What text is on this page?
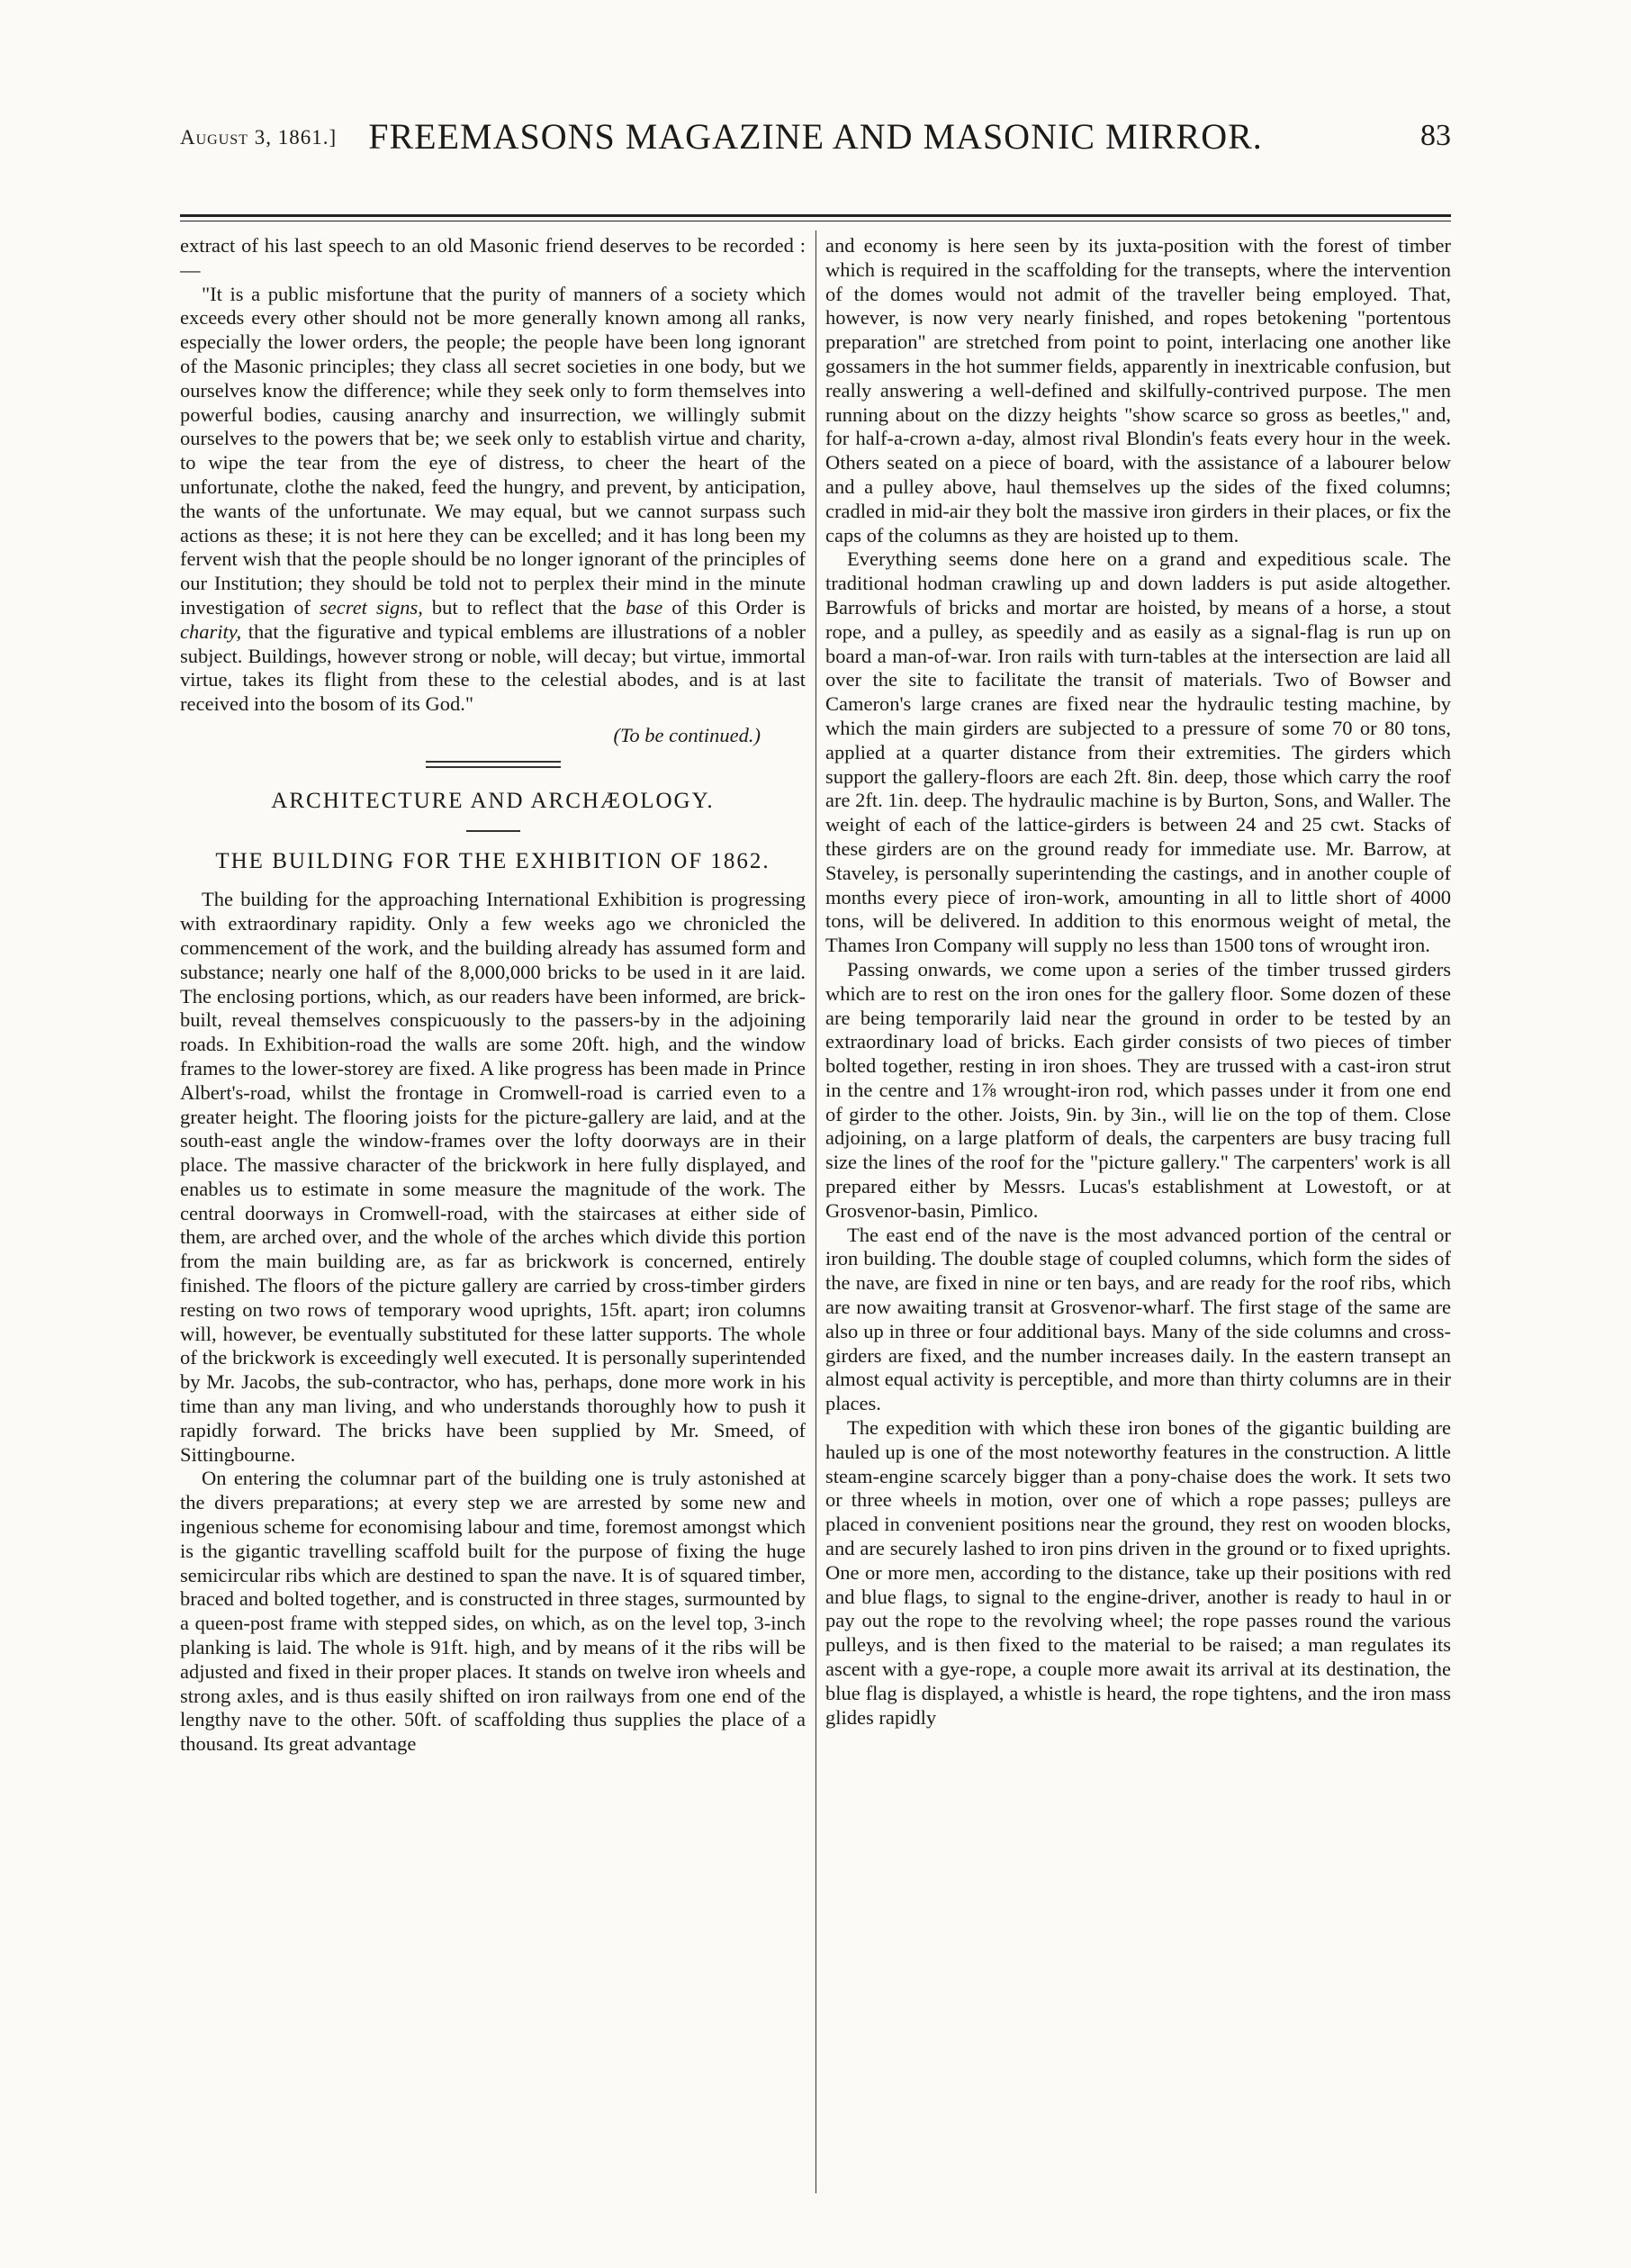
August 3, 1861.] FREEMASONS MAGAZINE AND MASONIC MIRROR.	83

extract of his last speech to an old Masonic friend deserves to be recorded :—

"It is a public misfortune that the purity of manners of a society which exceeds every other should not be more generally known among all ranks, especially the lower orders, the people; the people have been long ignorant of the Masonic principles; they class all secret societies in one body, but we ourselves know the difference; while they seek only to form themselves into powerful bodies, causing anarchy and insurrection, we willingly submit ourselves to the powers that be; we seek only to establish virtue and charity, to wipe the tear from the eye of distress, to cheer the heart of the unfortunate, clothe the naked, feed the hungry, and prevent, by anticipation, the wants of the unfortunate. We may equal, but we cannot surpass such actions as these; it is not here they can be excelled; and it has long been my fervent wish that the people should be no longer ignorant of the principles of our Institution; they should be told not to perplex their mind in the minute investigation of secret signs, but to reflect that the base of this Order is charity, that the figurative and typical emblems are illustrations of a nobler subject. Buildings, however strong or noble, will decay; but virtue, immortal virtue, takes its flight from these to the celestial abodes, and is at last received into the bosom of its God."

(To be continued.)

ARCHITECTURE AND ARCHÆOLOGY.
THE BUILDING FOR THE EXHIBITION OF 1862.

The building for the approaching International Exhibition is progressing with extraordinary rapidity. Only a few weeks ago we chronicled the commencement of the work, and the building already has assumed form and substance; nearly one half of the 8,000,000 bricks to be used in it are laid. The enclosing portions, which, as our readers have been informed, are brick-built, reveal themselves conspicuously to the passers-by in the adjoining roads. In Exhibition-road the walls are some 20ft. high, and the window frames to the lower-storey are fixed. A like progress has been made in Prince Albert's-road, whilst the frontage in Cromwell-road is carried even to a greater height. The flooring joists for the picture-gallery are laid, and at the south-east angle the window-frames over the lofty doorways are in their place. The massive character of the brickwork in here fully displayed, and enables us to estimate in some measure the magnitude of the work. The central doorways in Cromwell-road, with the staircases at either side of them, are arched over, and the whole of the arches which divide this portion from the main building are, as far as brickwork is concerned, entirely finished. The floors of the picture gallery are carried by cross-timber girders resting on two rows of temporary wood uprights, 15ft. apart; iron columns will, however, be eventually substituted for these latter supports. The whole of the brickwork is exceedingly well executed. It is personally superintended by Mr. Jacobs, the sub-contractor, who has, perhaps, done more work in his time than any man living, and who understands thoroughly how to push it rapidly forward. The bricks have been supplied by Mr. Smeed, of Sittingbourne.

On entering the columnar part of the building one is truly astonished at the divers preparations; at every step we are arrested by some new and ingenious scheme for economising labour and time, foremost amongst which is the gigantic travelling scaffold built for the purpose of fixing the huge semicircular ribs which are destined to span the nave. It is of squared timber, braced and bolted together, and is constructed in three stages, surmounted by a queen-post frame with stepped sides, on which, as on the level top, 3-inch planking is laid. The whole is 91ft. high, and by means of it the ribs will be adjusted and fixed in their proper places. It stands on twelve iron wheels and strong axles, and is thus easily shifted on iron railways from one end of the lengthy nave to the other. 50ft. of scaffolding thus supplies the place of a thousand. Its great advantage

and economy is here seen by its juxta-position with the forest of timber which is required in the scaffolding for the transepts, where the intervention of the domes would not admit of the traveller being employed. That, however, is now very nearly finished, and ropes betokening "portentous preparation" are stretched from point to point, interlacing one another like gossamers in the hot summer fields, apparently in inextricable confusion, but really answering a well-defined and skilfully-contrived purpose. The men running about on the dizzy heights "show scarce so gross as beetles," and, for half-a-crown a-day, almost rival Blondin's feats every hour in the week. Others seated on a piece of board, with the assistance of a labourer below and a pulley above, haul themselves up the sides of the fixed columns; cradled in mid-air they bolt the massive iron girders in their places, or fix the caps of the columns as they are hoisted up to them.

Everything seems done here on a grand and expeditious scale. The traditional hodman crawling up and down ladders is put aside altogether. Barrowfuls of bricks and mortar are hoisted, by means of a horse, a stout rope, and a pulley, as speedily and as easily as a signal-flag is run up on board a man-of-war. Iron rails with turn-tables at the intersection are laid all over the site to facilitate the transit of materials. Two of Bowser and Cameron's large cranes are fixed near the hydraulic testing machine, by which the main girders are subjected to a pressure of some 70 or 80 tons, applied at a quarter distance from their extremities. The girders which support the gallery-floors are each 2ft. 8in. deep, those which carry the roof are 2ft. 1in. deep. The hydraulic machine is by Burton, Sons, and Waller. The weight of each of the lattice-girders is between 24 and 25 cwt. Stacks of these girders are on the ground ready for immediate use. Mr. Barrow, at Staveley, is personally superintending the castings, and in another couple of months every piece of iron-work, amounting in all to little short of 4000 tons, will be delivered. In addition to this enormous weight of metal, the Thames Iron Company will supply no less than 1500 tons of wrought iron.

Passing onwards, we come upon a series of the timber trussed girders which are to rest on the iron ones for the gallery floor. Some dozen of these are being temporarily laid near the ground in order to be tested by an extraordinary load of bricks. Each girder consists of two pieces of timber bolted together, resting in iron shoes. They are trussed with a cast-iron strut in the centre and 1⅞ wrought-iron rod, which passes under it from one end of girder to the other. Joists, 9in. by 3in., will lie on the top of them. Close adjoining, on a large platform of deals, the carpenters are busy tracing full size the lines of the roof for the "picture gallery." The carpenters' work is all prepared either by Messrs. Lucas's establishment at Lowestoft, or at Grosvenor-basin, Pimlico.

The east end of the nave is the most advanced portion of the central or iron building. The double stage of coupled columns, which form the sides of the nave, are fixed in nine or ten bays, and are ready for the roof ribs, which are now awaiting transit at Grosvenor-wharf. The first stage of the same are also up in three or four additional bays. Many of the side columns and cross-girders are fixed, and the number increases daily. In the eastern transept an almost equal activity is perceptible, and more than thirty columns are in their places.

The expedition with which these iron bones of the gigantic building are hauled up is one of the most noteworthy features in the construction. A little steam-engine scarcely bigger than a pony-chaise does the work. It sets two or three wheels in motion, over one of which a rope passes; pulleys are placed in convenient positions near the ground, they rest on wooden blocks, and are securely lashed to iron pins driven in the ground or to fixed uprights. One or more men, according to the distance, take up their positions with red and blue flags, to signal to the engine-driver, another is ready to haul in or pay out the rope to the revolving wheel; the rope passes round the various pulleys, and is then fixed to the material to be raised; a man regulates its ascent with a gye-rope, a couple more await its arrival at its destination, the blue flag is displayed, a whistle is heard, the rope tightens, and the iron mass glides rapidly
